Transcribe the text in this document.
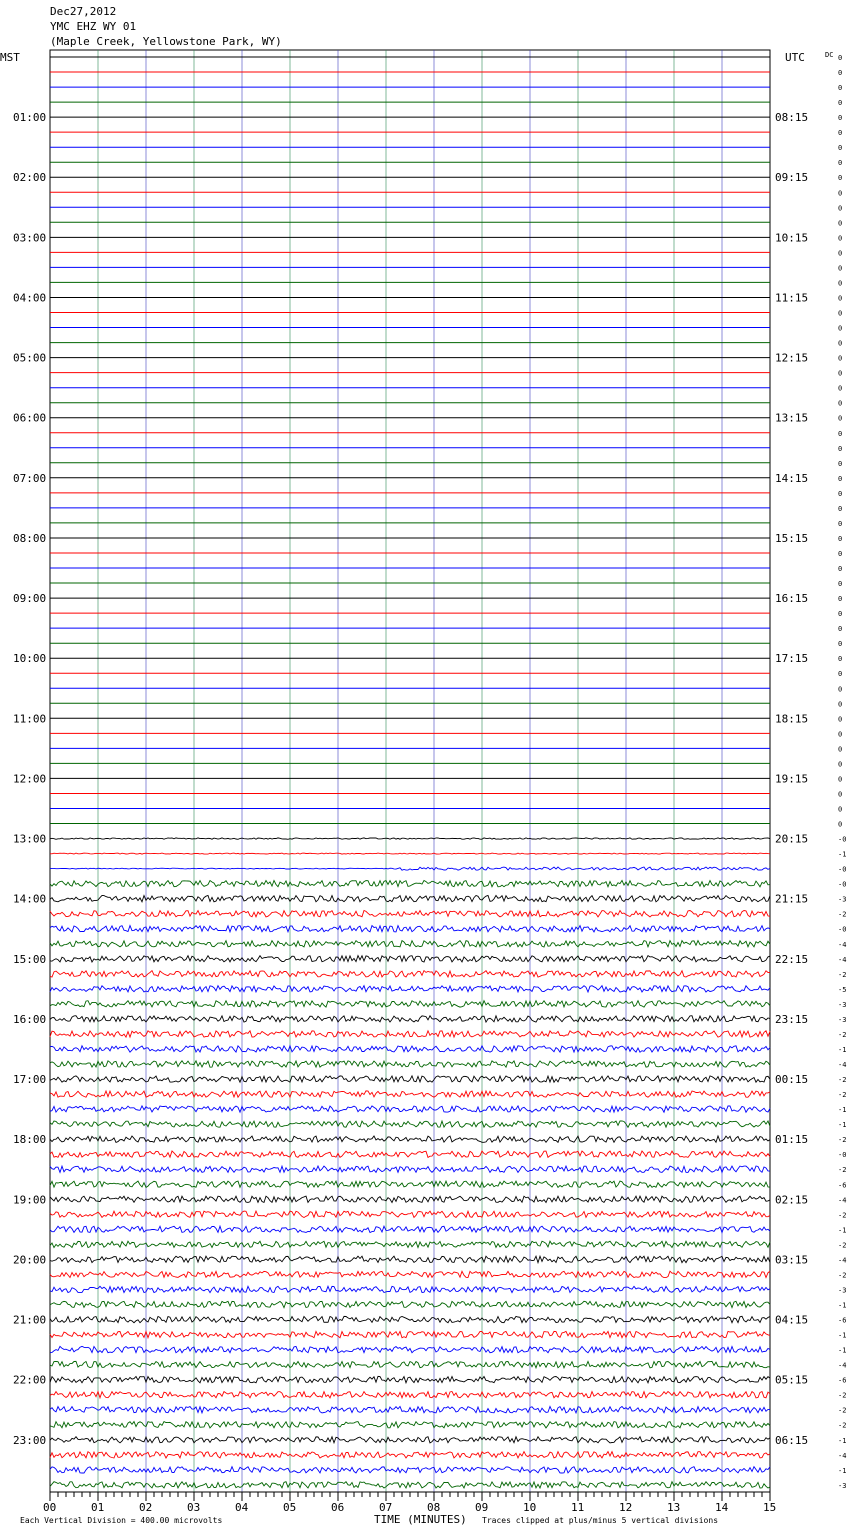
Dec27,2012
YMC EHZ WY 01
(Maple Creek, Yellowstone Park, WY)
00	01	02	03	04	05	06	07	08	09	10	11	12	13	14	15
01:00
02:00
03:00
04:00
05:00
06:00
07:00
08:00
09:00
10:00
11:00
12:00
13:00
14:00
15:00
16:00
17:00
18:00
19:00
20:00
21:00
22:00
23:00
08:15
09:15
10:15
11:15
12:15
13:15
14:15
15:15
16:15
17:15
18:15
19:15
20:15
21:15
22:15
23:15
00:15
01:15
02:15
03:15
04:15
05:15
06:15
0
0
0
0
0
0
0
0
0
0
0
0
0
0
0
0
0
0
0
0
0
0
0
0
0
0
0
0
0
0
0
0
0
0
0
0
0
0
0
0
0
0
0
0
0
0
0
0
0
0
0
0
-0
-1
-0
-0
-3
-2
-0
-4
-4
-2
-5
-3
-3
-2
-1
-4
-2
-2
-1
-1
-2
-0
-2
-6
-4
-2
-1
-2
-4
-2
-3
-1
-6
-1
-1
-4
-6
-2
-2
-2
-1
-4
-1
-3
MST	UTC	DC
TIME (MINUTES)
Each Vertical Division = 400.00 microvolts	Traces clipped at plus/minus 5 vertical divisions
